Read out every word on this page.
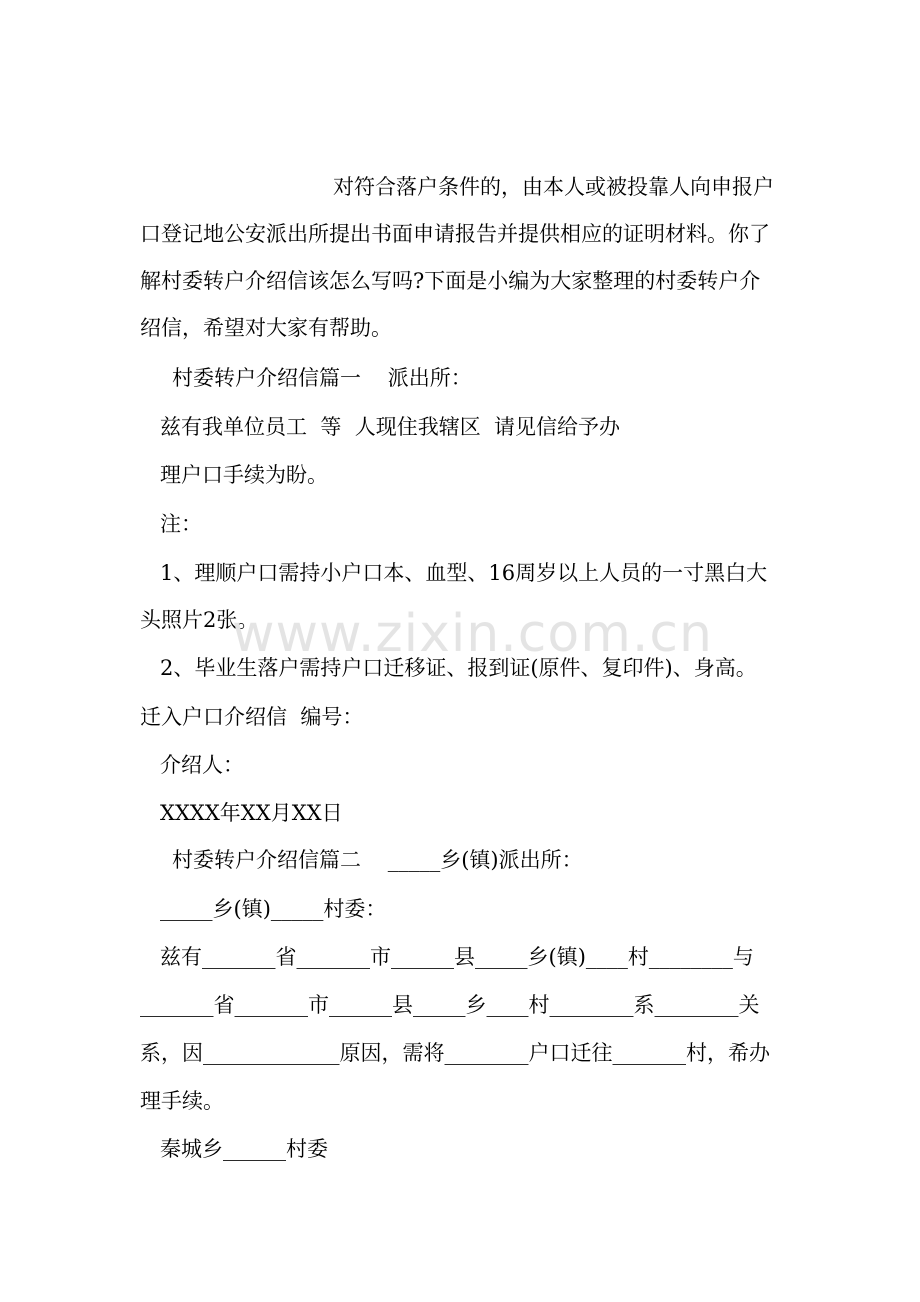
对符合落户条件的，由本人或被投靠人向申报户
口登记地公安派出所提出书面申请报告并提供相应的证明材料。你了
解村委转户介绍信该怎么写吗?下面是小编为大家整理的村委转户介
绍信，希望对大家有帮助。
村委转户介绍信篇一    派出所：
兹有我单位员工  等  人现住我辖区  请见信给予办
理户口手续为盼。
注：
1、理顺户口需持小户口本、血型、16周岁以上人员的一寸黑白大
头照片2张。
2、毕业生落户需持户口迁移证、报到证(原件、复印件)、身高。
迁入户口介绍信  编号：
介绍人：
XXXX年XX月XX日
村委转户介绍信篇二    _____乡(镇)派出所：
_____乡(镇)_____村委：
兹有_______省_______市______县_____乡(镇)____村________与
_______省_______市______县_____乡____村________系________关
系，因_____________原因，需将________户口迁往_______村，希办
理手续。
秦城乡______村委
www.zixin.com.cn
